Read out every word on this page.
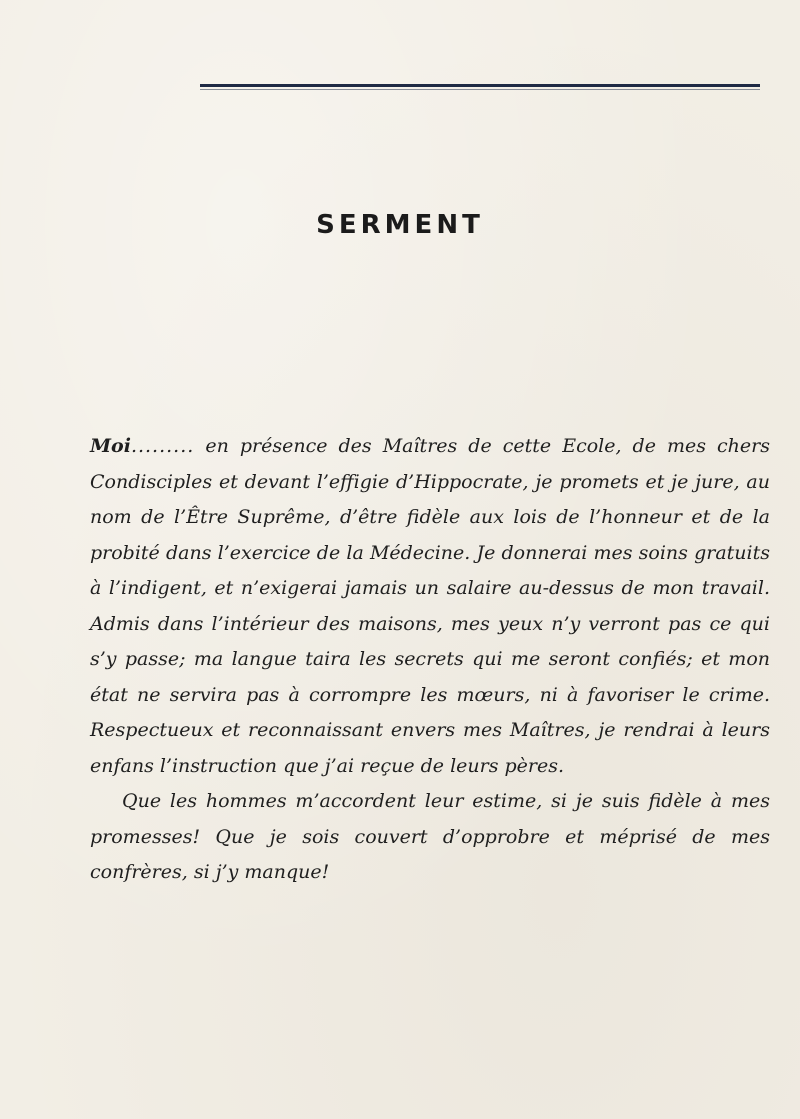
SERMENT

Moi......... en présence des Maîtres de cette Ecole, de mes chers Condisciples et devant l’effigie d’Hippocrate, je promets et je jure, au nom de l’Être Suprême, d’être fidèle aux lois de l’honneur et de la probité dans l’exercice de la Médecine. Je donnerai mes soins gratuits à l’indigent, et n’exigerai jamais un salaire au-dessus de mon travail. Admis dans l’intérieur des maisons, mes yeux n’y verront pas ce qui s’y passe; ma langue taira les secrets qui me seront confiés; et mon état ne servira pas à corrompre les mœurs, ni à favoriser le crime. Respectueux et reconnaissant envers mes Maîtres, je rendrai à leurs enfans l’instruction que j’ai reçue de leurs pères.

Que les hommes m’accordent leur estime, si je suis fidèle à mes promesses! Que je sois couvert d’opprobre et méprisé de mes confrères, si j’y manque!
